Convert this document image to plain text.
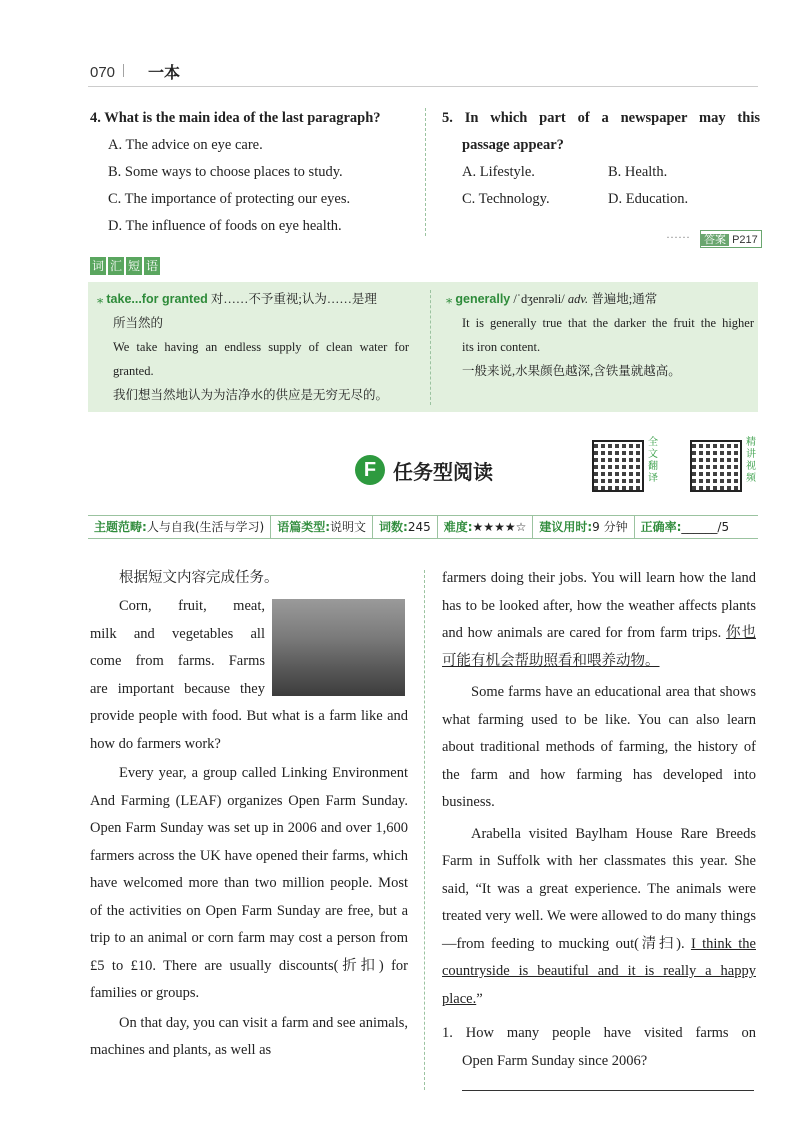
070 | 一本
4. What is the main idea of the last paragraph?
A. The advice on eye care.
B. Some ways to choose places to study.
C. The importance of protecting our eyes.
D. The influence of foods on eye health.
5. In which part of a newspaper may this
passage appear?
A. Lifestyle.	B. Health.
C. Technology.	D. Education.
······	答案 P217
词 汇 短 语
⁎ take...for granted 对……不予重视;认为……是理
所当然的
We take having an endless supply of clean water for
granted.
我们想当然地认为为洁净水的供应是无穷无尽的。
⁎ generally /ˈdʒenrəli/ adv. 普遍地;通常
It is generally true that the darker the fruit the higher
its iron content.
一般来说,水果颜色越深,含铁量就越高。
F 任务型阅读
全
文
翻
译
精
讲
视
频
主题范畴:人与自我(生活与学习)	语篇类型:说明文	词数:245	难度:★★★★☆	建议用时:9 分钟	正确率:______/5
根据短文内容完成任务。
Corn, fruit, meat,
milk and vegetables all
come from farms. Farms
are important because they
provide people with food. But what is a farm like and how do farmers work?
Every year, a group called Linking Environment And Farming (LEAF) organizes Open Farm Sunday. Open Farm Sunday was set up in 2006 and over 1,600 farmers across the UK have opened their farms, which have welcomed more than two million people. Most of the activities on Open Farm Sunday are free, but a trip to an animal or corn farm may cost a person from £5 to £10. There are usually discounts(折扣) for families or groups.
On that day, you can visit a farm and see animals, machines and plants, as well as
farmers doing their jobs. You will learn how the land has to be looked after, how the weather affects plants and how animals are cared for from farm trips. 你也可能有机会帮助照看和喂养动物。
Some farms have an educational area that shows what farming used to be like. You can also learn about traditional methods of farming, the history of the farm and how farming has developed into business.
Arabella visited Baylham House Rare Breeds Farm in Suffolk with her classmates this year. She said, “It was a great experience. The animals were treated very well. We were allowed to do many things—from feeding to mucking out(清扫). I think the countryside is beautiful and it is really a happy place.”
1. How many people have visited farms on
Open Farm Sunday since 2006?
